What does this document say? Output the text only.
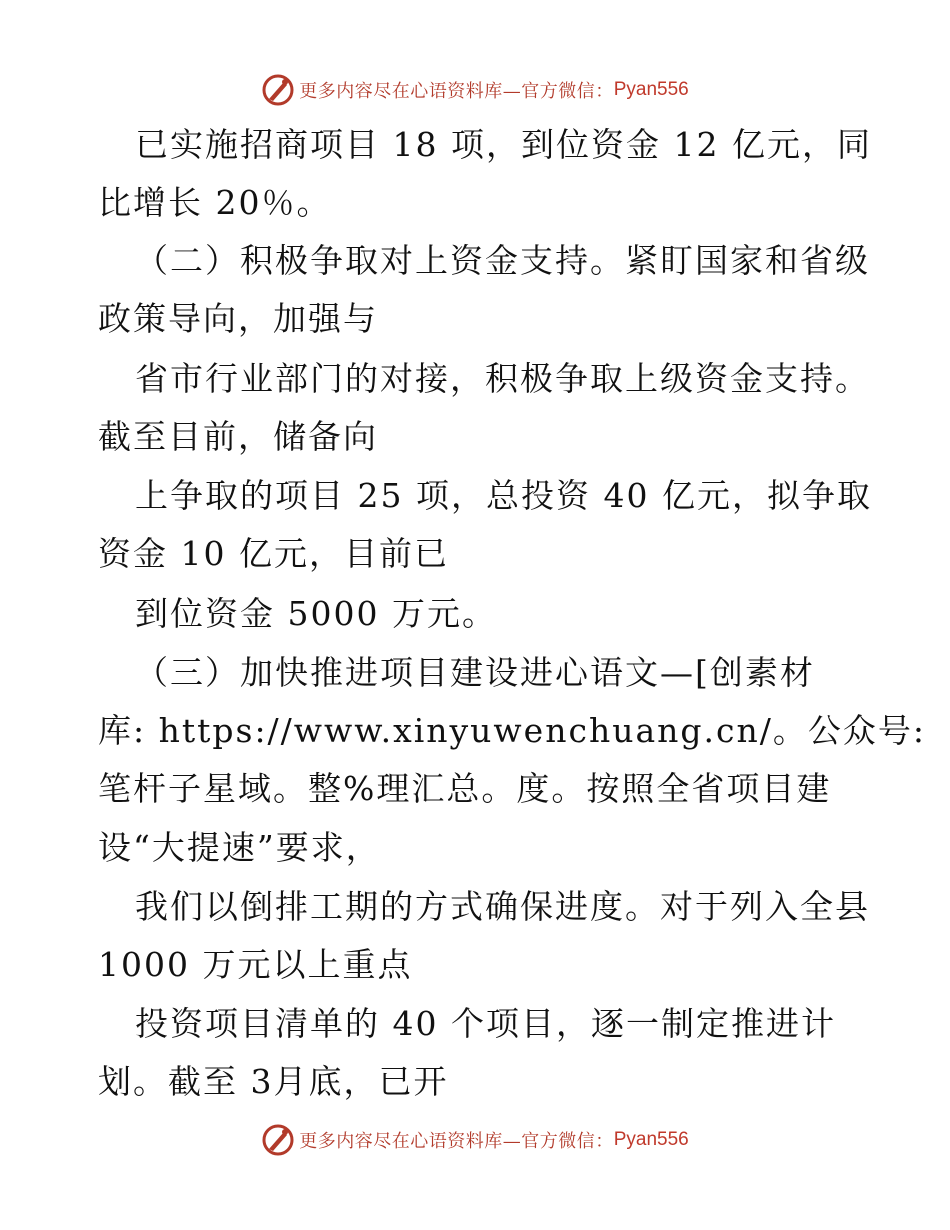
更多内容尽在心语资料库—官方微信： Pyan556
已实施招商项目 18 项，到位资金 12 亿元，同
比增长 20％。
（二）积极争取对上资金支持。紧盯国家和省级
政策导向，加强与
省市行业部门的对接，积极争取上级资金支持。
截至目前，储备向
上争取的项目 25 项，总投资 40 亿元，拟争取
资金 10 亿元，目前已
到位资金 5000 万元。
（三）加快推进项目建设进心语文—[创素材
库: https://www.xinyuwenchuang.cn/。公众号:
笔杆子星域。整%理汇总。度。按照全省项目建
设“大提速”要求，
我们以倒排工期的方式确保进度。对于列入全县
1000 万元以上重点
投资项目清单的 40 个项目，逐一制定推进计
划。截至 3月底，已开
更多内容尽在心语资料库—官方微信： Pyan556
